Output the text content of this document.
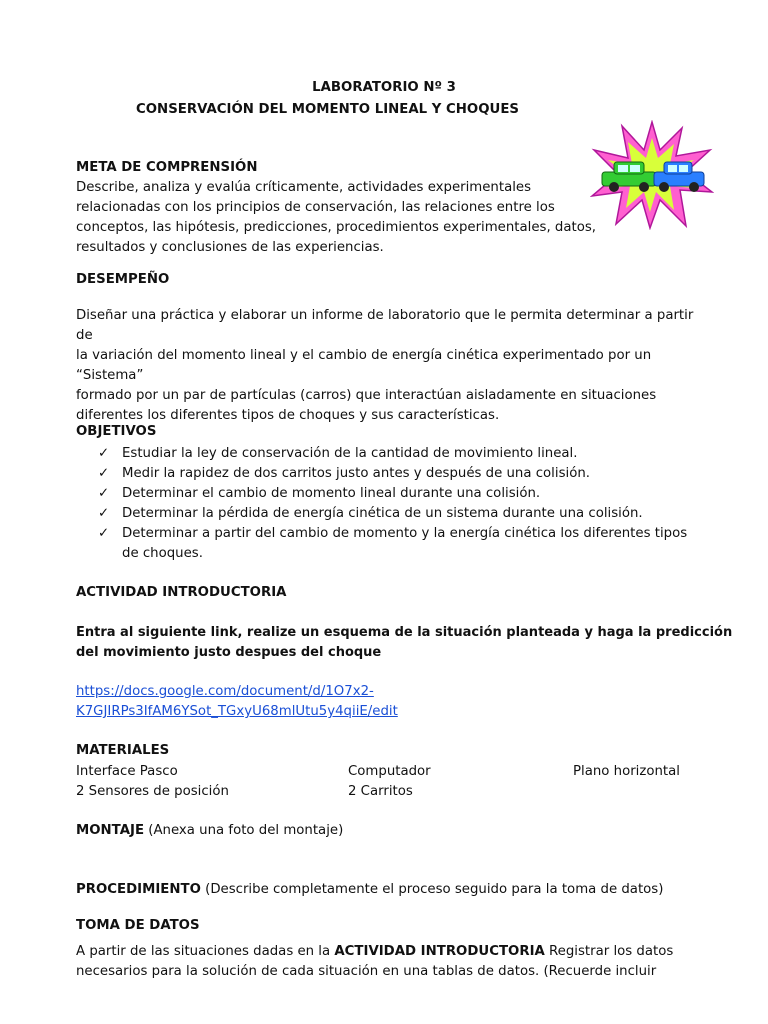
LABORATORIO Nº 3
CONSERVACIÓN DEL MOMENTO LINEAL Y CHOQUES
META DE COMPRENSIÓN
Describe, analiza y evalúa críticamente, actividades experimentales
relacionadas con los principios de conservación, las relaciones entre los
conceptos, las hipótesis, predicciones, procedimientos experimentales, datos,
resultados y conclusiones de las experiencias.
DESEMPEÑO
Diseñar una práctica y elaborar un informe de laboratorio que le permita determinar a partir de
la variación del momento lineal y el cambio de energía cinética experimentado por un “Sistema”
formado por un par de partículas (carros) que interactúan aisladamente en situaciones
diferentes los diferentes tipos de choques y sus características.
OBJETIVOS
✓ Estudiar la ley de conservación de la cantidad de movimiento lineal.
✓ Medir la rapidez de dos carritos justo antes y después de una colisión.
✓ Determinar el cambio de momento lineal durante una colisión.
✓ Determinar la pérdida de energía cinética de un sistema durante una colisión.
✓ Determinar a partir del cambio de momento y la energía cinética los diferentes tipos de choques.
ACTIVIDAD INTRODUCTORIA
Entra al siguiente link, realize un esquema de la situación planteada y haga la predicción
del movimiento justo despues del choque
https://docs.google.com/document/d/1O7x2-
K7GJIRPs3IfAM6YSot_TGxyU68mlUtu5y4qiiE/edit
MATERIALES
Interface Pasco
2 Sensores de posición
Computador
2 Carritos
Plano horizontal
MONTAJE (Anexa una foto del montaje)
PROCEDIMIENTO (Describe completamente el proceso seguido para la toma de datos)
TOMA DE DATOS
A partir de las situaciones dadas en la ACTIVIDAD INTRODUCTORIA Registrar los datos
necesarios para la solución de cada situación en una tablas de datos. (Recuerde incluir
